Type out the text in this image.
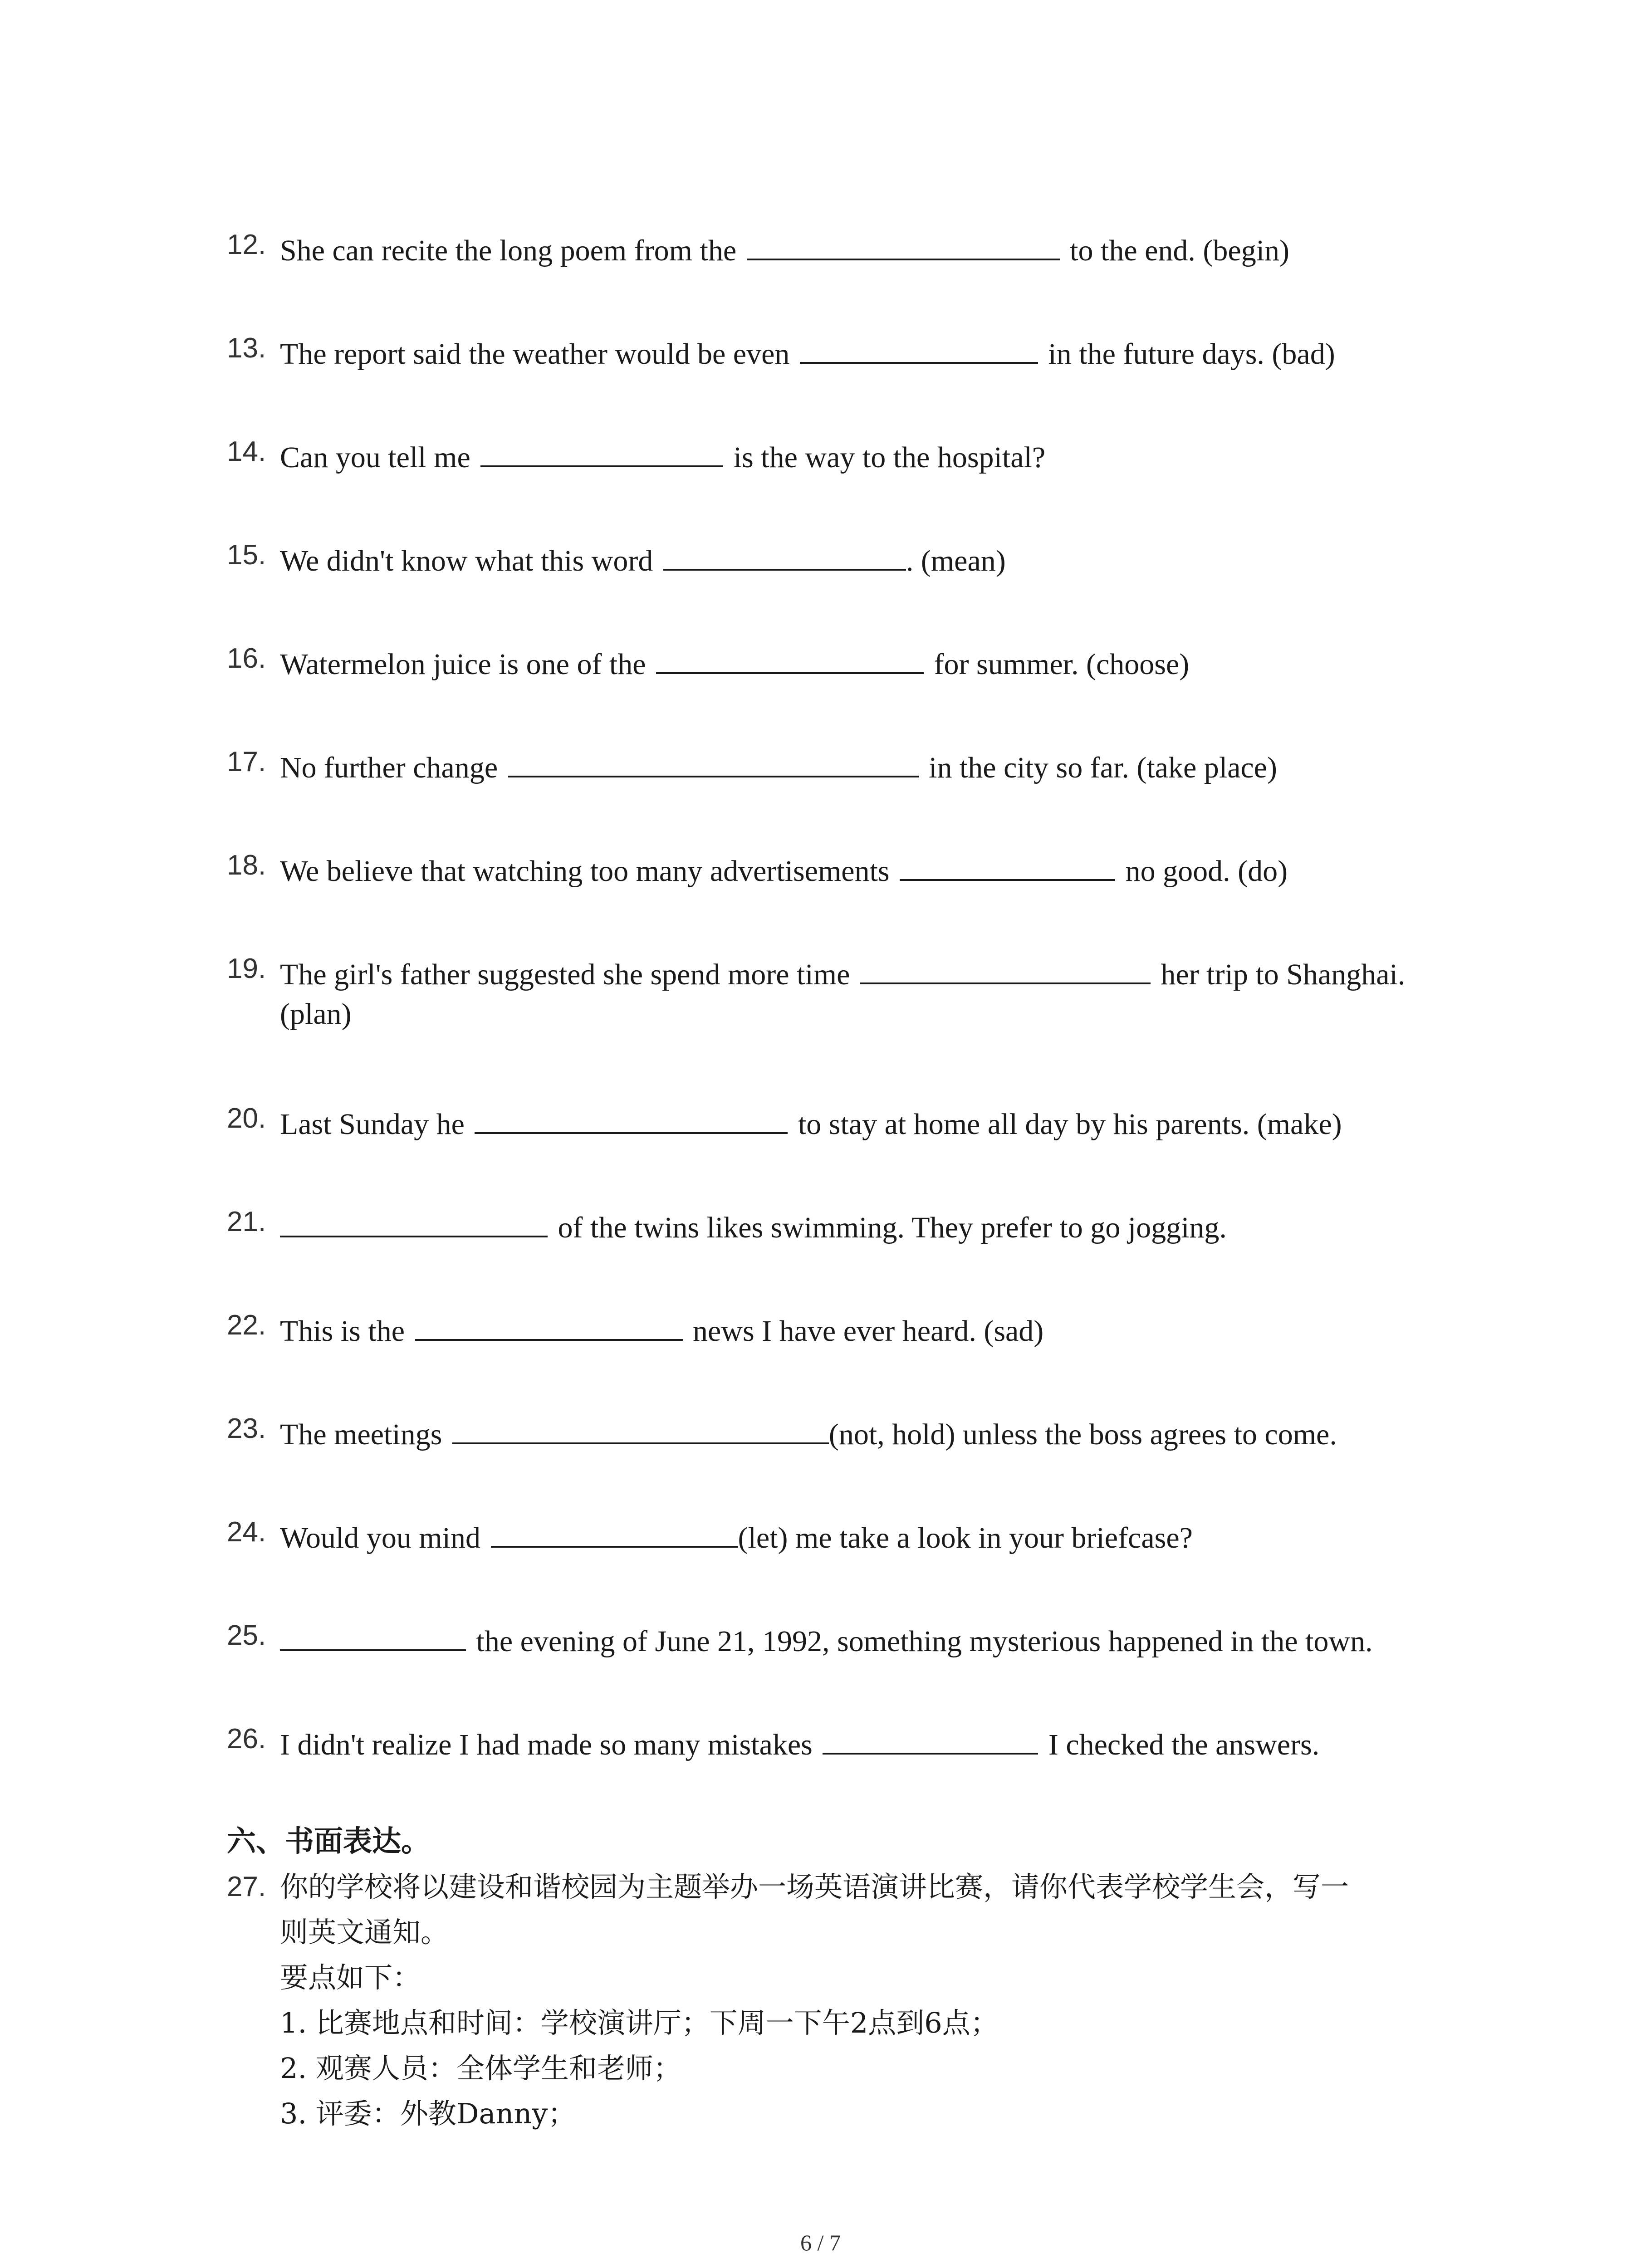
12. She can recite the long poem from the	to the end. (begin)
13. The report said the weather would be even	in the future days. (bad)
14. Can you tell me	is the way to the hospital?
15. We didn't know what this word	. (mean)
16. Watermelon juice is one of the	for summer. (choose)
17. No further change	in the city so far. (take place)
18. We believe that watching too many advertisements	no good. (do)
19. The girl's father suggested she spend more time	her trip to Shanghai.
(plan)
20. Last Sunday he	to stay at home all day by his parents. (make)
21.	of the twins likes swimming. They prefer to go jogging.
22. This is the	news I have ever heard. (sad)
23. The meetings	(not, hold) unless the boss agrees to come.
24. Would you mind	(let) me take a look in your briefcase?
25.	the evening of June 21, 1992, something mysterious happened in the town.
26. I didn't realize I had made so many mistakes	I checked the answers.
六、书面表达。
27. 你的学校将以建设和谐校园为主题举办一场英语演讲比赛，请你代表学校学生会，写一
则英文通知。
要点如下：
1. 比赛地点和时间：学校演讲厅；下周一下午2点到6点；
2. 观赛人员：全体学生和老师；
3. 评委：外教Danny；
6 / 7
